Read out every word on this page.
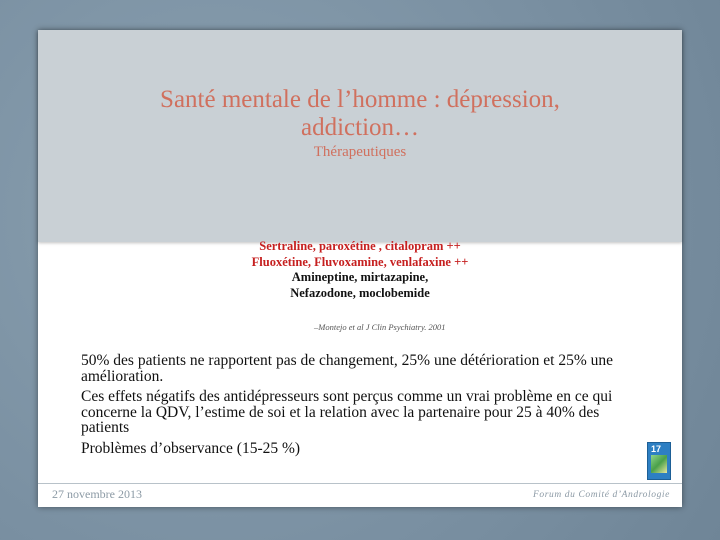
Santé mentale de l’homme : dépression,
addiction…
Thérapeutiques
Sertraline, paroxétine , citalopram ++
Fluoxétine, Fluvoxamine, venlafaxine ++
Amineptine, mirtazapine,
Nefazodone, moclobemide
–Montejo et al J Clin Psychiatry. 2001

50% des patients ne rapportent pas de changement, 25% une détérioration et 25% une amélioration.

Ces effets négatifs des antidépresseurs sont perçus comme un vrai problème en ce qui concerne la QDV, l’estime de soi et la relation avec la partenaire pour 25 à 40% des patients

Problèmes d’observance (15-25 %)	17
27 novembre 2013	Forum du Comité d’Andrologie
